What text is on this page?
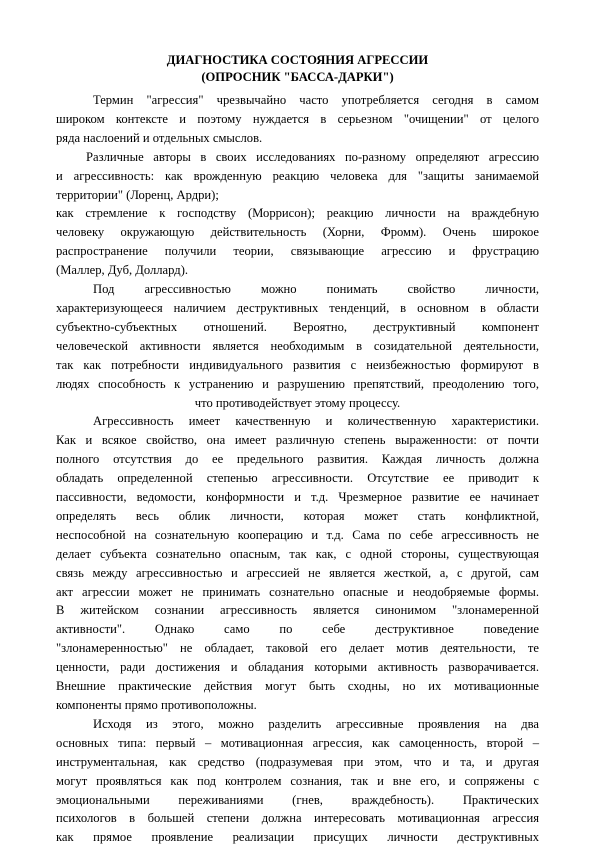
ДИАГНОСТИКА СОСТОЯНИЯ АГРЕССИИ
(ОПРОСНИК "БАССА-ДАРКИ")

Термин "агрессия" чрезвычайно часто употребляется сегодня в самом
широком контексте и поэтому нуждается в серьезном "очищении" от целого
ряда наслоений и отдельных смыслов.

Различные авторы в своих исследованиях по-разному определяют агрессию
и агрессивность: как врожденную реакцию человека для "защиты занимаемой
территории" (Лоренц, Ардри);

как стремление к господству (Моррисон); реакцию личности на враждебную
человеку окружающую действительность (Хорни, Фромм). Очень широкое
распространение получили теории, связывающие агрессию и фрустрацию
(Маллер, Дуб, Доллард).

Под агрессивностью можно понимать свойство личности,
характеризующееся наличием деструктивных тенденций, в основном в области
субъектно-субъектных отношений. Вероятно, деструктивный компонент
человеческой активности является необходимым в созидательной деятельности,
так как потребности индивидуального развития с неизбежностью формируют в
людях способность к устранению и разрушению препятствий, преодолению того,
что противодействует этому процессу.

Агрессивность имеет качественную и количественную характеристики.
Как и всякое свойство, она имеет различную степень выраженности: от почти
полного отсутствия до ее предельного развития. Каждая личность должна
обладать определенной степенью агрессивности. Отсутствие ее приводит к
пассивности, ведомости, конформности и т.д. Чрезмерное развитие ее начинает
определять весь облик личности, которая может стать конфликтной,
неспособной на сознательную кооперацию и т.д. Сама по себе агрессивность не
делает субъекта сознательно опасным, так как, с одной стороны, существующая
связь между агрессивностью и агрессией не является жесткой, а, с другой, сам
акт агрессии может не принимать сознательно опасные и неодобряемые формы.
В житейском сознании агрессивность является синонимом "злонамеренной
активности". Однако само по себе деструктивное поведение
"злонамеренностью" не обладает, таковой его делает мотив деятельности, те
ценности, ради достижения и обладания которыми активность разворачивается.
Внешние практические действия могут быть сходны, но их мотивационные
компоненты прямо противоположны.

Исходя из этого, можно разделить агрессивные проявления на два
основных типа: первый – мотивационная агрессия, как самоценность, второй –
инструментальная, как средство (подразумевая при этом, что и та, и другая
могут проявляться как под контролем сознания, так и вне его, и сопряжены с
эмоциональными переживаниями (гнев, враждебность). Практических
психологов в большей степени должна интересовать мотивационная агрессия
как прямое проявление реализации присущих личности деструктивных
